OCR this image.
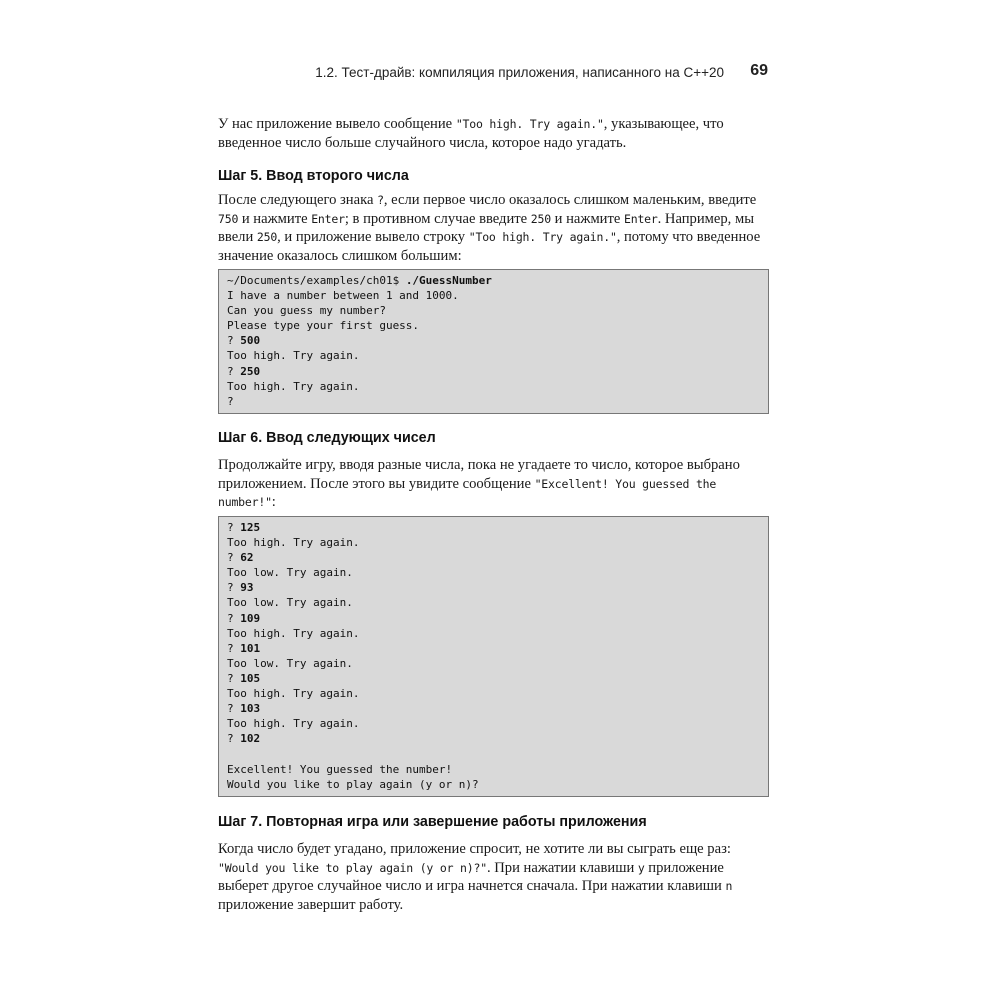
1.2. Тест-драйв: компиляция приложения, написанного на C++20 69

У нас приложение вывело сообщение "Too high. Try again.", указывающее, что введенное число больше случайного числа, которое надо угадать.

Шаг 5. Ввод второго числа

После следующего знака ?, если первое число оказалось слишком маленьким, введите 750 и нажмите Enter; в противном случае введите 250 и нажмите Enter. Например, мы ввели 250, и приложение вывело строку "Too high. Try again.", потому что введенное значение оказалось слишком большим:

~/Documents/examples/ch01$ ./GuessNumber
I have a number between 1 and 1000.
Can you guess my number?
Please type your first guess.
? 500
Too high. Try again.
? 250
Too high. Try again.
?
Шаг 6. Ввод следующих чисел

Продолжайте игру, вводя разные числа, пока не угадаете то число, которое выбрано приложением. После этого вы увидите сообщение "Excellent! You guessed the number!":

? 125
Too high. Try again.
? 62
Too low. Try again.
? 93
Too low. Try again.
? 109
Too high. Try again.
? 101
Too low. Try again.
? 105
Too high. Try again.
? 103
Too high. Try again.
? 102
Excellent! You guessed the number!
Would you like to play again (y or n)?
Шаг 7. Повторная игра или завершение работы приложения

Когда число будет угадано, приложение спросит, не хотите ли вы сыграть еще раз: "Would you like to play again (y or n)?". При нажатии клавиши y приложение выберет другое случайное число и игра начнется сначала. При нажатии клавиши n приложение завершит работу.
